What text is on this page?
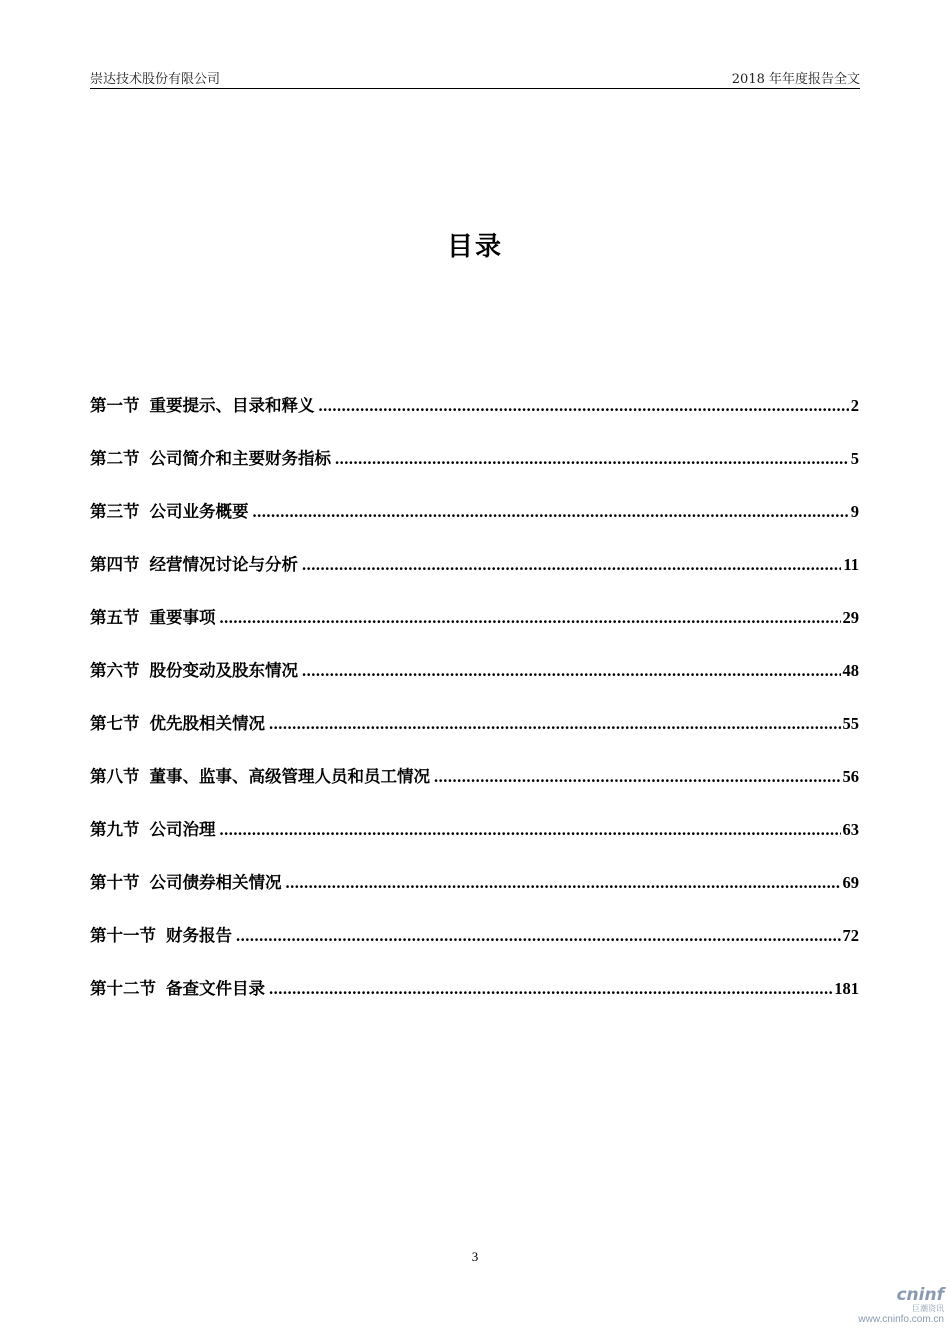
崇达技术股份有限公司	2018 年年度报告全文
目录
第一节 重要提示、目录和释义 .....	2
第二节 公司简介和主要财务指标 .....	5
第三节 公司业务概要 .....	9
第四节 经营情况讨论与分析 .....	11
第五节 重要事项 .....	29
第六节 股份变动及股东情况 .....	48
第七节 优先股相关情况 .....	55
第八节 董事、监事、高级管理人员和员工情况 .....	56
第九节 公司治理 .....	63
第十节 公司债券相关情况 .....	69
第十一节 财务报告 .....	72
第十二节 备查文件目录 .....	181
3
cninf
巨潮资讯
www.cninfo.com.cn
